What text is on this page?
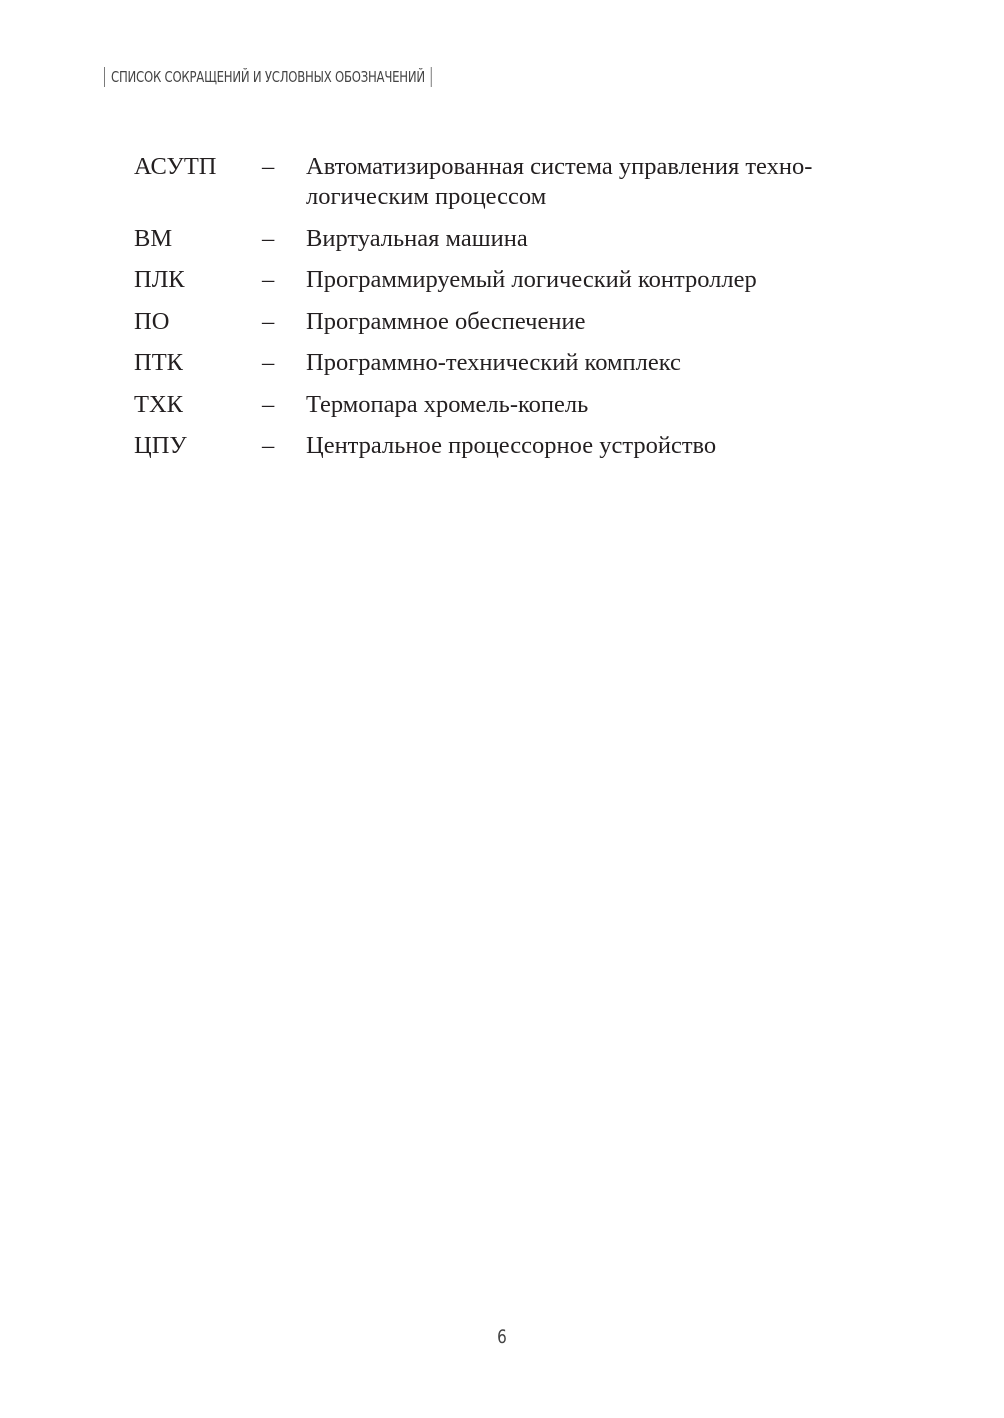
СПИСОК СОКРАЩЕНИЙ И УСЛОВНЫХ ОБОЗНАЧЕНИЙ
АСУТП	–	Автоматизированная система управления техно-
логическим процессом
ВМ	–	Виртуальная машина
ПЛК	–	Программируемый логический контроллер
ПО	–	Программное обеспечение
ПТК	–	Программно-технический комплекс
ТХК	–	Термопара хромель-копель
ЦПУ	–	Центральное процессорное устройство
6
